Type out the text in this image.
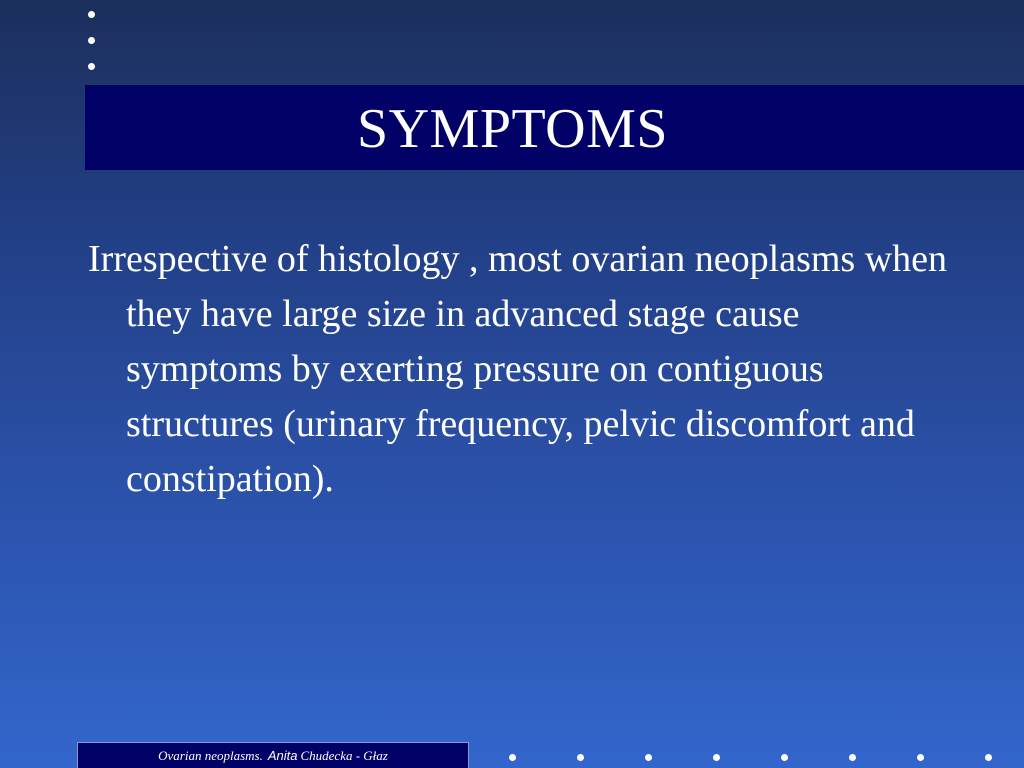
SYMPTOMS
Irrespective of histology , most ovarian neoplasms when they have large size in advanced stage cause symptoms by exerting pressure on contiguous structures (urinary frequency, pelvic discomfort and constipation).
Ovarian neoplasms. Anita Chudecka - Głaz
